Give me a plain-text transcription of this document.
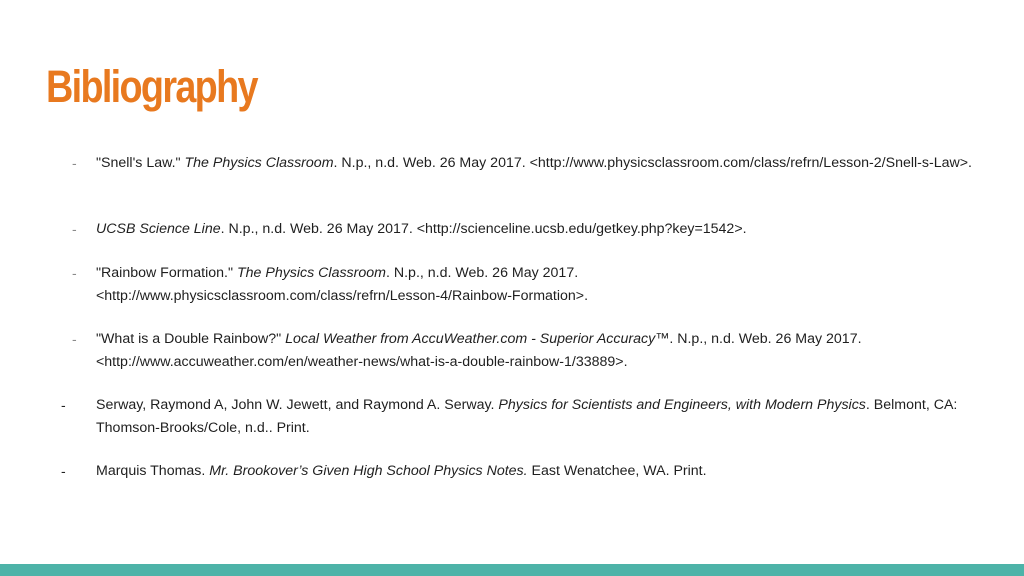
Bibliography
- "Snell's Law." The Physics Classroom. N.p., n.d. Web. 26 May 2017. <http://www.physicsclassroom.com/class/refrn/Lesson-2/Snell-s-Law>.
- UCSB Science Line. N.p., n.d. Web. 26 May 2017. <http://scienceline.ucsb.edu/getkey.php?key=1542>.
- "Rainbow Formation." The Physics Classroom. N.p., n.d. Web. 26 May 2017. <http://www.physicsclassroom.com/class/refrn/Lesson-4/Rainbow-Formation>.
- "What is a Double Rainbow?" Local Weather from AccuWeather.com - Superior Accuracy™. N.p., n.d. Web. 26 May 2017. <http://www.accuweather.com/en/weather-news/what-is-a-double-rainbow-1/33889>.
- Serway, Raymond A, John W. Jewett, and Raymond A. Serway. Physics for Scientists and Engineers, with Modern Physics. Belmont, CA: Thomson-Brooks/Cole, n.d.. Print.
- Marquis Thomas. Mr. Brookover’s Given High School Physics Notes. East Wenatchee, WA. Print.
